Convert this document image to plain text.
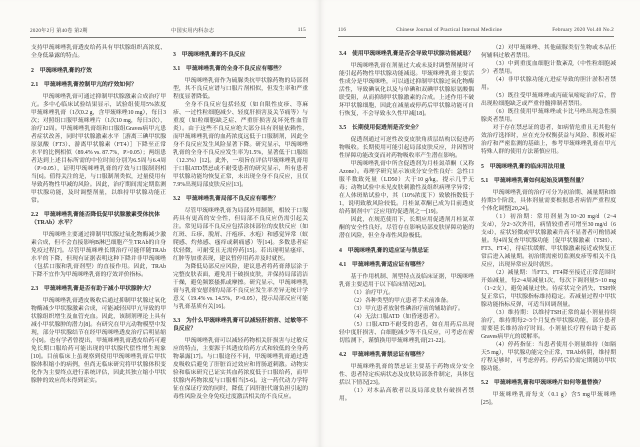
2020年2月 第40卷 第2期	中国实用内科杂志	115
支持甲巯咪唑乳膏透皮给药具有甲状腺组织高浓度、全身低暴露的特点。
2　甲巯咪唑乳膏的疗效
2.1　甲巯咪唑乳膏控制甲亢的疗效如何？
甲巯咪唑乳膏可通过抑制甲状腺激素合成治疗甲亢。多中心临床试验结果显示，试验组使用5%浓度甲巯咪唑乳膏（1次0.2 g，含甲巯咪唑10 mg），每日3次；对照组口服甲巯咪唑片（1次10 mg，每日3次），治疗12周。甲巯咪唑乳膏组和口服组Graves病甲亢患者症状改善，同时甲状腺激素水平［游离三碘甲状腺原氨酸（FT3）、游离甲状腺素（FT4）］下降至正常水平的比例相似（89.4% vs. 87.7%，P>0.05）；两组患者达到上述目标所需的中位时间分别为6.5周与6.4周（P>0.05），证明甲巯咪唑乳膏的疗效与口服制剂相当[6]。值得关注的是，与口服制剂类似，过量使用有导致药物性甲减的风险。因此，治疗期间需定期监测甲状腺功能，及时调整剂量，以维持甲状腺功能正常。
2.2　甲巯咪唑乳膏能否降低促甲状腺激素受体抗体（TRAb）水平？
甲巯咪唑主要通过抑制甲状腺过氧化物酶减少激素合成，但不会直接影响B淋巴细胞产生TRAb的自身免疫过程[7]。尽管甲巯咪唑长期治疗可能伴随TRAb水平的下降，但现有证据表明这种下降并非甲巯咪唑（包括口服和乳膏剂型）的直接作用。因此，TRAb下降不宜作为甲巯咪唑乳膏的疗效评价指标。
2.3　甲巯咪唑乳膏是否有助于减小甲状腺肿大？
甲巯咪唑乳膏透皮吸收后通过抑制甲状腺过氧化物酶减少甲状腺激素合成，可能减轻因甲亢导致的甲状腺组织增生及血管充血。因此，该制剂理论上具有减小甲状腺肿的潜力[8]。有研究在甲亢动物模型中发现，部分甲状腺结节在经甲巯咪唑透皮治疗后明显缩小[9]。也有学者曾提出，甲巯咪唑乳膏透皮给药可避免长期口服给药可能出现的甲状腺代偿性增生现象[10]。目前临床上虽观察到使用甲巯咪唑乳膏后甲状腺体积缩小的病例，但尚无临床研究将甲状腺体积变化作为主要终点进行系统评估，因此其独立缩小甲状腺肿的效应尚未得到证实。
3　甲巯咪唑乳膏的不良反应
3.1　甲巯咪唑乳膏的全身不良反应有哪些？
甲巯咪唑乳膏作为硫脲类抗甲状腺药物的局部剂型，其不良反应谱与口服片剂相似，但发生率和严重程度显著降低。
全身不良反应包括轻度（如自限性皮疹、荨麻疹、一过性粒细胞减少、轻度肝损害及关节痛等）与重度（如粒细胞缺乏症、严重肝损害及坏死性血管炎）。由于这些不良反应绝大部分具有剂量依赖性，而甲巯咪唑乳膏的血药浓度远低于口服制剂，因此全身不良反应发生风险显著下降。研究显示，甲巯咪唑乳膏的全身不良反应发生率为1.5%，显著低于口服组（12.3%）[12]。此外，一项旨在评估甲巯咪唑乳膏用于口服ATD禁忌或不耐受患者的研究显示，所有患者甲状腺功能均恢复正常，未出现全身不良反应，且仅7.9%出现局部皮肤反应[13]。
3.2　甲巯咪唑乳膏局部不良反应有哪些？
尽管甲巯咪唑乳膏为局部外用制剂，相较于口服药具有更高的安全性，但局部不良反应仍需引起关注。常见局部不良反应包括涂抹部位的皮肤反应（如红斑、丘疹、脱屑、汗疱疹、水疱）和感觉异常（蚁爬感、灼热感、瘙痒或刺痛感）等[14]。多数患者症状轻微，可耐受且无需停药[15]。若出现明显瘙痒、红肿等加重表现，建议暂停用药并及时就医。
为降低局部反应风险，建议患者将药膏薄层涂于完整皮肤表面，避免用于破损皮肤，并保持局部清洁干燥，避免频繁搔抓或摩擦。研究显示，甲巯咪唑乳膏与乳膏安慰剂的局部不良反应发生率差异无统计学意义（19.4% vs. 14.5%，P>0.05），提示局部反应可能与乳膏基质有关[16]。
3.3　为什么甲巯咪唑乳膏可以减轻肝损害、过敏等不良反应？
甲巯咪唑乳膏可以减轻药物相关肝损害与过敏反应的特点，主要源于其透皮给药方式和较低的全身药物暴露[17]。与口服途径不同，甲巯咪唑乳膏通过透皮吸收后避免了肝脏首过效应和胃肠道刺激。动物实验和临床研究已证实其血药浓度低于口服给药，而甲状腺内药物浓度与口服相当[5-6]。这一药代动力学特征在保证疗效的同时，降低了因肝脏代谢负担引起的毒性风险及全身免疫过度激活相关的不良反应。
116	Chinese Journal of Practical Internal Medicine	February 2020 Vol.40 No.2
3.4　使用甲巯咪唑乳膏是否会导致甲状腺功能减退？
甲巯咪唑乳膏在剂量过大或未及时调整剂量时可能引起药物性甲状腺功能减退。甲巯咪唑乳膏主要活性成分是甲巯咪唑，可以通过抑制甲状腺过氧化物酶活性，导致碘氧化以及与单碘和双碘甲状腺原氨酸偶联受阻，从而抑制甲状腺激素的合成。上述作用不破坏甲状腺细胞，因此在减量或停药后甲状腺功能可自行恢复，不会导致永久性甲减[18]。
3.5　长期使用促透剂是否安全？
促透剂通过可逆性改变皮肤角质层结构以促进药物吸收。长期使用可能引起局部皮肤反应，并因暂时性屏障功能改变而对药物吸收率产生潜在影响。
甲巯咪唑乳膏中所含促透剂为月桂氮䓬酮（又称Azone）。毒理学研究显示该成分安全性良好：急性口服半数致死量（LD50）大于10 g/kg，提示几乎无毒；动物试验中未见皮肤刺激性及组织病理学异常；在人体斑贴试验中，其（10%浓度下）致敏指数低于1，说明致敏风险较低。月桂氮䓬酮已成为目前透皮给药制剂中广泛应用的促透剂之一[19]。
因此，在规范使用下，长期应用促透剂月桂氮䓬酮的安全性良好。尽管存在影响局部皮肤屏障功能的潜在风险，但全身毒性风险极低。
4　甲巯咪唑乳膏的适应证与禁忌证
4.1　甲巯咪唑乳膏适应证有哪些？
基于作用机制、剂型特点及临床证据，甲巯咪唑乳膏主要适用于以下临床情况[20]。
（1）治疗甲亢。
（2）各种类型的甲亢患者手术前准备。
（3）甲亢患者放射性碘治疗前的辅助治疗。
（4）无法口服ATD（如昏迷患者）。
（5）口服ATD不耐受的患者，如在用药后出现轻中度肝损害、白细胞减少等不良反应，可考虑在密切监测下，谨慎换用甲巯咪唑乳膏[21-22]。
4.2　甲巯咪唑乳膏禁忌证有哪些？
甲巯咪唑乳膏的禁忌证主要基于药物成分安全性、患者特定疾病状态及皮肤局部条件制定，具体包括以下情况[23]。
（1）对本品高敏者以及局部皮肤有破损者禁用。
（2）对甲巯咪唑、其他硫脲类衍生物或本品任何辅料过敏者禁用。
（3）中到重度血细胞计数紊乱（中性粒细胞减少）者禁用。
（4）非甲状腺功能亢进症导致的胆汁淤积者禁用。
（5）既往受甲巯咪唑或丙硫氧嘧啶治疗后，曾出现粒细胞缺乏或严重骨髓抑制者禁用。
（6）既往使用甲巯咪唑或卡比马唑出现急性胰腺炎者禁用。
对于存在禁忌证的患者，如病情危重且无其他有效治疗选择时，应在充分权衡获益与风险、积极对症治疗和严密监测的基础上，参考甲巯咪唑乳膏在甲亢特殊人群的使用方法谨慎应用。
5　甲巯咪唑乳膏的临床用法用量
5.1　甲巯咪唑乳膏如何起始及调整剂量？
甲巯咪唑乳膏的治疗可分为初治期、减量期和维持期3个阶段，具体剂量需要根据患者病情严重程度个体化调整[20,24]。
（1）初治期：常用剂量为10~20 mg/d（2~4支/d），分2~3次外用，病情较重者可增至30 mg/d（6支/d），症状轻微或甲状腺激素升高不显著者可酌情减量。每4周复查甲状腺功能［促甲状腺激素（TSH）、FT3、FT4］，待症状缓解、甲状腺激素接近或恢复正常后进入减量期。初治期需密切监测皮疹等相关不良反应，出现异常应及时就医。
（2）减量期：当FT3、FT4降至接近正常范围时开始减量，每2~4周减量1次，每次下调剂量5~10 mg（1~2支），避免减量过快。待症状完全消失、TSH恢复正常后，甲状腺指标维持稳定。若减量过程中甲状腺功能指标反弹，可适当回调剂量。
（3）维持期：以维持TSH正常的最小剂量持续治疗，维持期每2~3个月复查甲状腺功能，部分患者需要延长维持治疗时间。小剂量长疗程有助于提高Graves病甲亢的缓解率。
（4）停药指征：当患者使用小剂量维持（如隔天5 mg），甲状腺功能完全正常，TRAb转阴，维持期疗程足够时，可考虑停药。停药后仍需定期随访甲状腺功能。
5.2　甲巯咪唑乳膏和甲巯咪唑片如何等量替换？
甲巯咪唑乳膏每支（0.1 g）含5 mg甲巯咪唑[25]。
